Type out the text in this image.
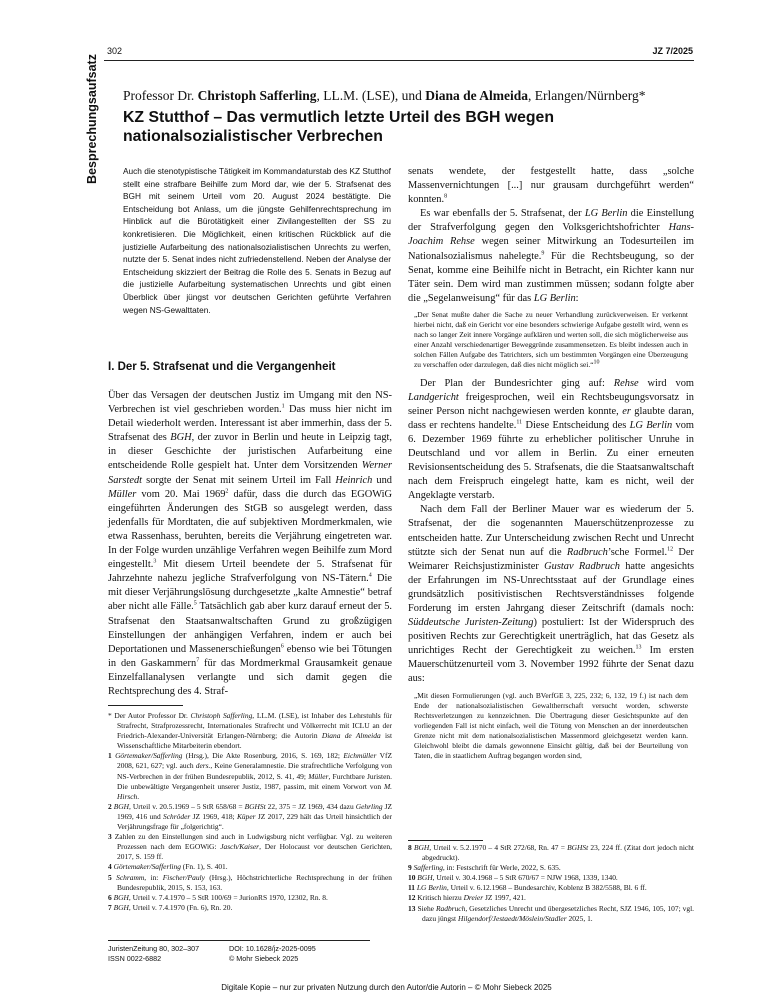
Besprechungsaufsatz
302	JZ 7/2025
Professor Dr. Christoph Safferling, LL.M. (LSE), und Diana de Almeida, Erlangen/Nürnberg*
KZ Stutthof – Das vermutlich letzte Urteil des BGH wegen nationalsozialistischer Verbrechen
Auch die stenotypistische Tätigkeit im Kommandaturstab des KZ Stutthof stellt eine strafbare Beihilfe zum Mord dar, wie der 5. Strafsenat des BGH mit seinem Urteil vom 20. August 2024 bestätigte. Die Entscheidung bot Anlass, um die jüngste Gehilfenrechtsprechung im Hinblick auf die Bürotätigkeit einer Zivilangestellten der SS zu konkretisieren. Die Möglichkeit, einen kritischen Rückblick auf die justizielle Aufarbeitung des nationalsozialistischen Unrechts zu werfen, nutzte der 5. Senat indes nicht zufriedenstellend. Neben der Analyse der Entscheidung skizziert der Beitrag die Rolle des 5. Senats in Bezug auf die justizielle Aufarbeitung systematischen Unrechts und gibt einen Überblick über jüngst vor deutschen Gerichten geführte Verfahren wegen NS-Gewalttaten.
I. Der 5. Strafsenat und die Vergangenheit

Über das Versagen der deutschen Justiz im Umgang mit den NS-Verbrechen ist viel geschrieben worden.$^1$ Das muss hier nicht im Detail wiederholt werden. Interessant ist aber immerhin, dass der 5. Strafsenat des BGH, der zuvor in Berlin und heute in Leipzig tagt, in dieser Geschichte der juristischen Aufarbeitung eine entscheidende Rolle gespielt hat. Unter dem Vorsitzenden Werner Sarstedt sorgte der Senat mit seinem Urteil im Fall Heinrich und Müller vom 20. Mai 1969$^2$ dafür, dass die durch das EGOWiG eingeführten Änderungen des StGB so ausgelegt werden, dass jedenfalls für Mordtaten, die auf subjektiven Mordmerkmalen, wie etwa Rassenhass, beruhten, bereits die Verjährung eingetreten war. In der Folge wurden unzählige Verfahren wegen Beihilfe zum Mord eingestellt.$^3$ Mit diesem Urteil beendete der 5. Strafsenat für Jahrzehnte nahezu jegliche Strafverfolgung von NS-Tätern.$^4$ Die mit dieser Verjährungslösung durchgesetzte „kalte Amnestie“ betraf aber nicht alle Fälle.$^5$ Tatsächlich gab aber kurz darauf erneut der 5. Strafsenat den Staatsanwaltschaften Grund zu großzügigen Einstellungen der anhängigen Verfahren, indem er auch bei Deportationen und Massenerschießungen$^6$ ebenso wie bei Tötungen in den Gaskammern$^7$ für das Mordmerkmal Grausamkeit genaue Einzelfallanalysen verlangte und sich damit gegen die Rechtsprechung des 4. Straf-

* Der Autor Professor Dr. Christoph Safferling, LL.M. (LSE), ist Inhaber des Lehrstuhls für Strafrecht, Strafprozessrecht, Internationales Strafrecht und Völkerrecht mit ICLU an der Friedrich-Alexander-Universität Erlangen-Nürnberg; die Autorin Diana de Almeida ist Wissenschaftliche Mitarbeiterin ebendort.

1 Görtemaker/Safferling (Hrsg.), Die Akte Rosenburg, 2016, S. 169, 182; Eichmüller VfZ 2008, 621, 627; vgl. auch ders., Keine Generalamnestie. Die strafrechtliche Verfolgung von NS-Verbrechen in der frühen Bundesrepublik, 2012, S. 41, 49; Müller, Furchtbare Juristen. Die unbewältigte Vergangenheit unserer Justiz, 1987, passim, mit einem Vorwort von M. Hirsch.

2 BGH, Urteil v. 20.5.1969 – 5 StR 658/68 = BGHSt 22, 375 = JZ 1969, 434 dazu Gehrling JZ 1969, 416 und Schröder JZ 1969, 418; Küper JZ 2017, 229 hält das Urteil hinsichtlich der Verjährungsfrage für „folgerichtig“.

3 Zahlen zu den Einstellungen sind auch in Ludwigsburg nicht verfügbar. Vgl. zu weiteren Prozessen nach dem EGOWiG: Jasch/Kaiser, Der Holocaust vor deutschen Gerichten, 2017, S. 159 ff.

4 Görtemaker/Safferling (Fn. 1), S. 401.

5 Schramm, in: Fischer/Pauly (Hrsg.), Höchstrichterliche Rechtsprechung in der frühen Bundesrepublik, 2015, S. 153, 163.

6 BGH, Urteil v. 7.4.1970 – 5 StR 100/69 = JurionRS 1970, 12302, Rn. 8.

7 BGH, Urteil v. 7.4.1970 (Fn. 6), Rn. 20.

senats wendete, der festgestellt hatte, dass „solche Massenvernichtungen [...] nur grausam durchgeführt werden“ konnten.$^8$

Es war ebenfalls der 5. Strafsenat, der LG Berlin die Einstellung der Strafverfolgung gegen den Volksgerichtshofrichter Hans-Joachim Rehse wegen seiner Mitwirkung an Todesurteilen im Nationalsozialismus nahelegte.$^9$ Für die Rechtsbeugung, so der Senat, komme eine Beihilfe nicht in Betracht, ein Richter kann nur Täter sein. Dem wird man zustimmen müssen; sodann folgte aber die „Segelanweisung“ für das LG Berlin:

„Der Senat mußte daher die Sache zu neuer Verhandlung zurückverweisen. Er verkennt hierbei nicht, daß ein Gericht vor eine besonders schwierige Aufgabe gestellt wird, wenn es nach so langer Zeit innere Vorgänge aufklären und werten soll, die sich möglicherweise aus einer Anzahl verschiedenartiger Beweggründe zusammensetzen. Es bleibt indessen auch in solchen Fällen Aufgabe des Tatrichters, sich um bestimmten Vorgängen eine Überzeugung zu verschaffen oder darzulegen, daß dies nicht möglich sei.“$^{10}$

Der Plan der Bundesrichter ging auf: Rehse wird vom Landgericht freigesprochen, weil ein Rechtsbeugungsvorsatz in seiner Person nicht nachgewiesen werden konnte, er glaubte daran, dass er rechtens handelte.$^{11}$ Diese Entscheidung des LG Berlin vom 6. Dezember 1969 führte zu erheblicher politischer Unruhe in Deutschland und vor allem in Berlin. Zu einer erneuten Revisionsentscheidung des 5. Strafsenats, die die Staatsanwaltschaft nach dem Freispruch eingelegt hatte, kam es nicht, weil der Angeklagte verstarb.

Nach dem Fall der Berliner Mauer war es wiederum der 5. Strafsenat, der die sogenannten Mauerschützenprozesse zu entscheiden hatte. Zur Unterscheidung zwischen Recht und Unrecht stützte sich der Senat nun auf die Radbruch’sche Formel.$^{12}$ Der Weimarer Reichsjustizminister Gustav Radbruch hatte angesichts der Erfahrungen im NS-Unrechtsstaat auf der Grundlage eines grundsätzlich positivistischen Rechtsverständnisses folgende Forderung im ersten Jahrgang dieser Zeitschrift (damals noch: Süddeutsche Juristen-Zeitung) postuliert: Ist der Widerspruch des positiven Rechts zur Gerechtigkeit unerträglich, hat das Gesetz als unrichtiges Recht der Gerechtigkeit zu weichen.$^{13}$ Im ersten Mauerschützenurteil vom 3. November 1992 führte der Senat dazu aus:

„Mit diesen Formulierungen (vgl. auch BVerfGE 3, 225, 232; 6, 132, 19 f.) ist nach dem Ende der nationalsozialistischen Gewaltherrschaft versucht worden, schwerste Rechtsverletzungen zu kennzeichnen. Die Übertragung dieser Gesichtspunkte auf den vorliegenden Fall ist nicht einfach, weil die Tötung von Menschen an der innerdeutschen Grenze nicht mit dem nationalsozialistischen Massenmord gleichgesetzt werden kann. Gleichwohl bleibt die damals gewonnene Einsicht gültig, daß bei der Beurteilung von Taten, die in staatlichem Auftrag begangen worden sind,

8 BGH, Urteil v. 5.2.1970 – 4 StR 272/68, Rn. 47 = BGHSt 23, 224 ff. (Zitat dort jedoch nicht abgedruckt).

9 Safferling, in: Festschrift für Werle, 2022, S. 635.

10 BGH, Urteil v. 30.4.1968 – 5 StR 670/67 = NJW 1968, 1339, 1340.

11 LG Berlin, Urteil v. 6.12.1968 – Bundesarchiv, Koblenz B 382/5588, Bl. 6 ff.

12 Kritisch hierzu Dreier JZ 1997, 421.

13 Siehe Radbruch, Gesetzliches Unrecht und übergesetzliches Recht, SJZ 1946, 105, 107; vgl. dazu jüngst Hilgendorf/Jestaedt/Möslein/Stadler 2025, 1.

JuristenZeitung 80, 302–307
ISSN 0022-6882
DOI: 10.1628/jz-2025-0095
© Mohr Siebeck 2025
Digitale Kopie – nur zur privaten Nutzung durch den Autor/die Autorin – © Mohr Siebeck 2025
